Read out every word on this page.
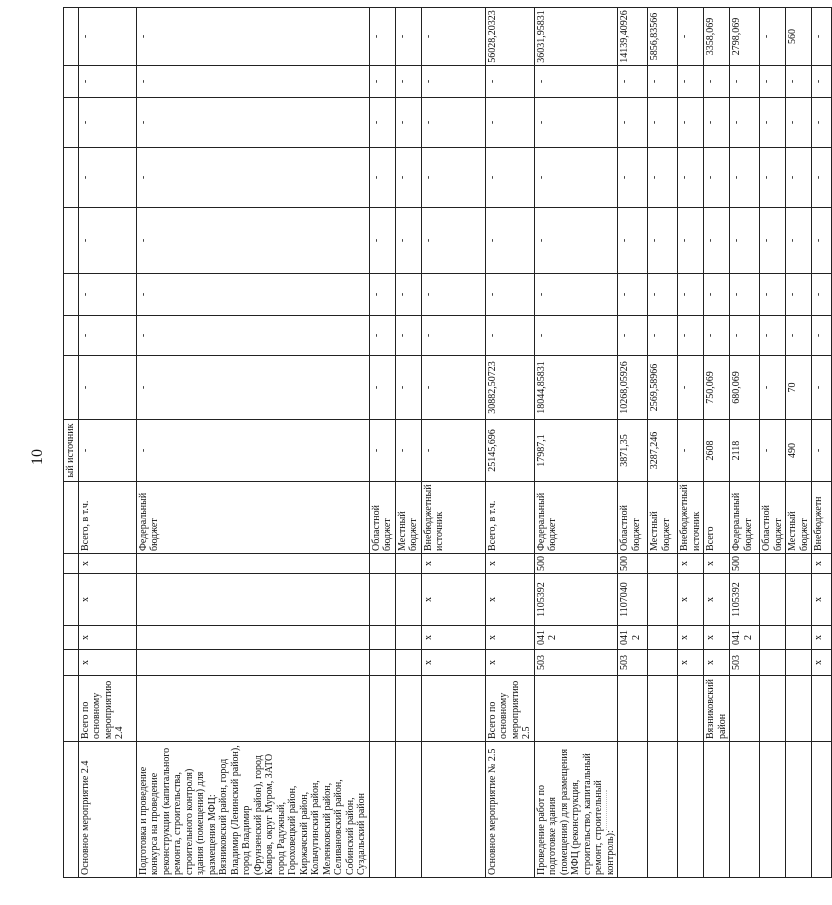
10
							ый источник								
Основное мероприятие 2.4	Всего по основному мероприятию 2.4	х	х	х	х	Всего, в т.ч.	-	-	-	-	-	-	-	-	-
Подготовка и проведение конкурса на проведение реконструкции (капитального ремонта, строительства, строительного контроля) здания (помещения) для размещения МФЦ: Вязниковский район, город Владимир (Ленинский район), город Владимир (Фрунзенский район), город Ковров, округ Муром, ЗАТО город Радужный, Гороховецкий район, Киржачский район, Кольчугинский район, Меленковский район, Селивановский район, Собинский район, Суздальский район						Федеральный бюджет	-	-	-	-	-	-	-	-	-
						Областной бюджет	-	-	-	-	-	-	-	-	-
						Местный бюджет	-	-	-	-	-	-	-	-	-
		х	х	х	х	Внебюджетный источник	-	-	-	-	-	-	-	-	-
Основное мероприятие № 2.5	Всего по основному мероприятию 2.5	х	х	х	х	Всего, в т.ч.	25145,696	30882,50723	-	-	-	-	-	-	56028,20323
Проведение работ по подготовке здания (помещения) для размещения МФЦ (реконструкция, строительство, капитальный ремонт, строительный контроль):		503	0412	1105392	500	Федеральный бюджет	17987,1	18044,85831	-	-	-	-	-	-	36031,95831
		503	0412	1107040	500	Областной бюджет	3871,35	10268,05926	-	-	-	-	-	-	14139,40926
						Местный бюджет	3287,246	2569,58966	-	-	-	-	-	-	5856,83566
		х	х	х	х	Внебюджетный источник	-	-	-	-	-	-	-	-	-
	Вязниковский район	х	х	х	х	Всего	2608	750,069	-	-	-	-	-	-	3358,069
		503	0412	1105392	500	Федеральный бюджет	2118	680,069	-	-	-	-	-	-	2798,069
						Областной бюджет	-	-	-	-	-	-	-	-	-
						Местный бюджет	490	70	-	-	-	-	-	-	560
		х	х	х	х	Внебюджетн	-	-	-	-	-	-	-	-	-
